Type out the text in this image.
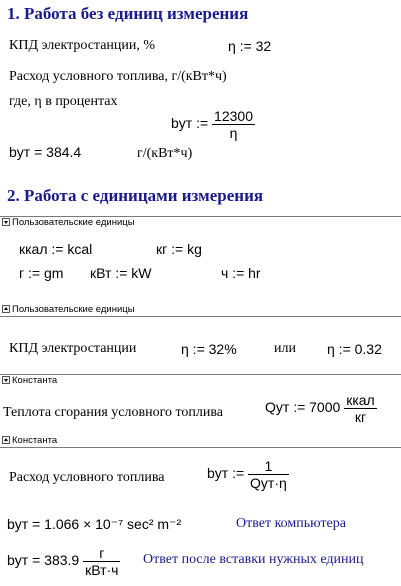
1. Работа без единиц измерения
КПД электростанции, %	η := 32
Расход условного топлива, г/(кВт*ч)
где, η в процентах
bут := $\frac{12300}{\eta}$
bут = 384.4	г/(кВт*ч)
2. Работа с единицами измерения
Пользовательские единицы
ккал := kcal	кг := kg
г := gm кВт := kW	ч := hr
Пользовательские единицы
КПД электростанции	η := 32%	или η := 0.32
Константа
Теплота сгорания условного топлива	Qут := $7000 \frac{\text{ккал}}{кг}$
Константа
Расход условного топлива	bут := $\frac{1}{\text{Qут·η}}$
bут = 1.066 × 10⁻⁷ sec² m⁻²	Ответ компьютера
bут = $383.9 \frac{г}{\text{кВт·ч}}$ Ответ после вставки нужных единиц
